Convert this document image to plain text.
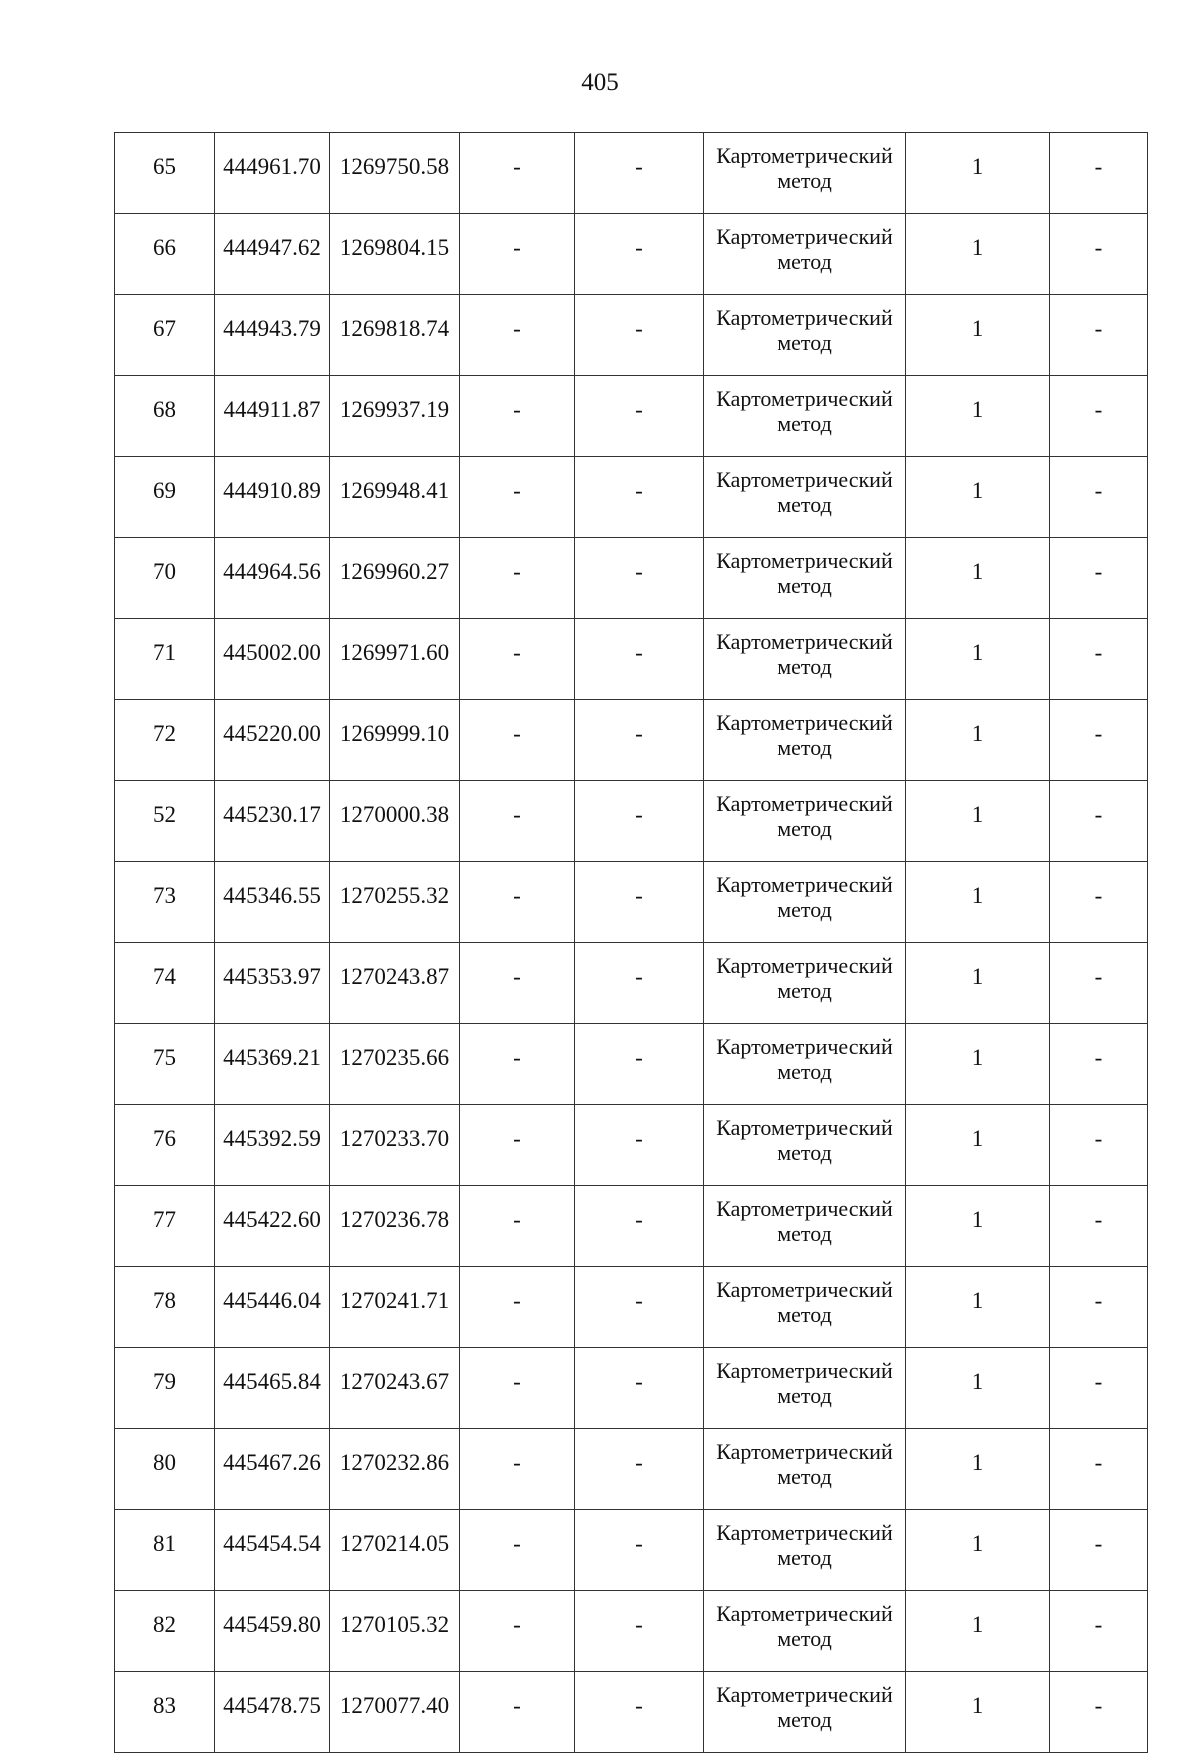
405
65	444961.70	1269750.58	-	-	Картометрический метод	1	-
66	444947.62	1269804.15	-	-	Картометрический метод	1	-
67	444943.79	1269818.74	-	-	Картометрический метод	1	-
68	444911.87	1269937.19	-	-	Картометрический метод	1	-
69	444910.89	1269948.41	-	-	Картометрический метод	1	-
70	444964.56	1269960.27	-	-	Картометрический метод	1	-
71	445002.00	1269971.60	-	-	Картометрический метод	1	-
72	445220.00	1269999.10	-	-	Картометрический метод	1	-
52	445230.17	1270000.38	-	-	Картометрический метод	1	-
73	445346.55	1270255.32	-	-	Картометрический метод	1	-
74	445353.97	1270243.87	-	-	Картометрический метод	1	-
75	445369.21	1270235.66	-	-	Картометрический метод	1	-
76	445392.59	1270233.70	-	-	Картометрический метод	1	-
77	445422.60	1270236.78	-	-	Картометрический метод	1	-
78	445446.04	1270241.71	-	-	Картометрический метод	1	-
79	445465.84	1270243.67	-	-	Картометрический метод	1	-
80	445467.26	1270232.86	-	-	Картометрический метод	1	-
81	445454.54	1270214.05	-	-	Картометрический метод	1	-
82	445459.80	1270105.32	-	-	Картометрический метод	1	-
83	445478.75	1270077.40	-	-	Картометрический метод	1	-
